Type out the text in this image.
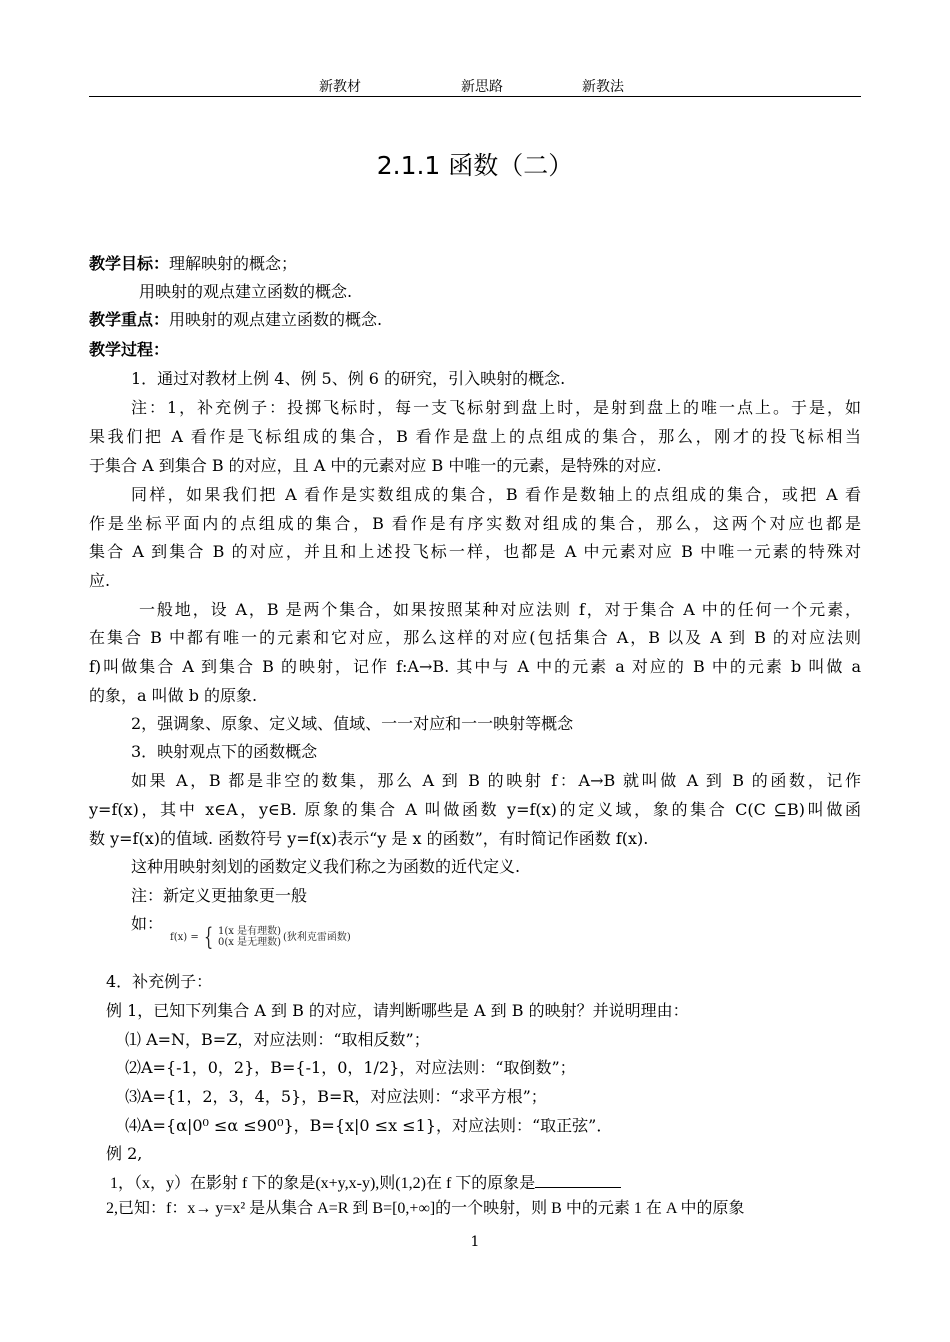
新教材	新思路	新教法
2.1.1 函数（二）
教学目标：理解映射的概念；
用映射的观点建立函数的概念.
教学重点：用映射的观点建立函数的概念.
教学过程：
1．通过对教材上例 4、例 5、例 6 的研究，引入映射的概念.
注：1，补充例子：投掷飞标时，每一支飞标射到盘上时，是射到盘上的唯一点上。于是，如
果我们把 A 看作是飞标组成的集合，B 看作是盘上的点组成的集合，那么，刚才的投飞标相当
于集合 A 到集合 B 的对应，且 A 中的元素对应 B 中唯一的元素，是特殊的对应.
同样，如果我们把 A 看作是实数组成的集合，B 看作是数轴上的点组成的集合，或把 A 看
作是坐标平面内的点组成的集合，B 看作是有序实数对组成的集合，那么，这两个对应也都是
集合 A 到集合 B 的对应，并且和上述投飞标一样，也都是 A 中元素对应 B 中唯一元素的特殊对
应.
一般地，设 A，B 是两个集合，如果按照某种对应法则 f，对于集合 A 中的任何一个元素，
在集合 B 中都有唯一的元素和它对应，那么这样的对应(包括集合 A，B 以及 A 到 B 的对应法则
f)叫做集合 A 到集合 B 的映射，记作 f:A→B. 其中与 A 中的元素 a 对应的 B 中的元素 b 叫做 a
的象，a 叫做 b 的原象.
2，强调象、原象、定义域、值域、一一对应和一一映射等概念
3．映射观点下的函数概念
如果 A，B 都是非空的数集，那么 A 到 B 的映射 f：A→B 就叫做 A 到 B 的函数，记作
y=f(x)，其中 x∈A，y∈B. 原象的集合 A 叫做函数 y=f(x)的定义域，象的集合 C(C ⊆B)叫做函
数 y=f(x)的值域. 函数符号 y=f(x)表示“y 是 x 的函数”，有时简记作函数 f(x).
这种用映射刻划的函数定义我们称之为函数的近代定义.
注：新定义更抽象更一般
如：
f(x) = { 1(x 是有理数)
0(x 是无理数) (狄利克雷函数)
4．补充例子：
例 1，已知下列集合 A 到 B 的对应，请判断哪些是 A 到 B 的映射？并说明理由：
⑴ A=N，B=Z，对应法则：“取相反数”；
⑵A={-1，0，2}，B={-1，0，1/2}，对应法则：“取倒数”；
⑶A={1，2，3，4，5}，B=R，对应法则：“求平方根”；
⑷A={α|0⁰ ≤α ≤90⁰}，B={x|0 ≤x ≤1}，对应法则：“取正弦”．
例 2,
1，（x，y）在影射 f 下的象是(x+y,x-y),则(1,2)在 f 下的原象是
2,已知：f：x→ y=x² 是从集合 A=R 到 B=[0,+∞]的一个映射，则 B 中的元素 1 在 A 中的原象
1
